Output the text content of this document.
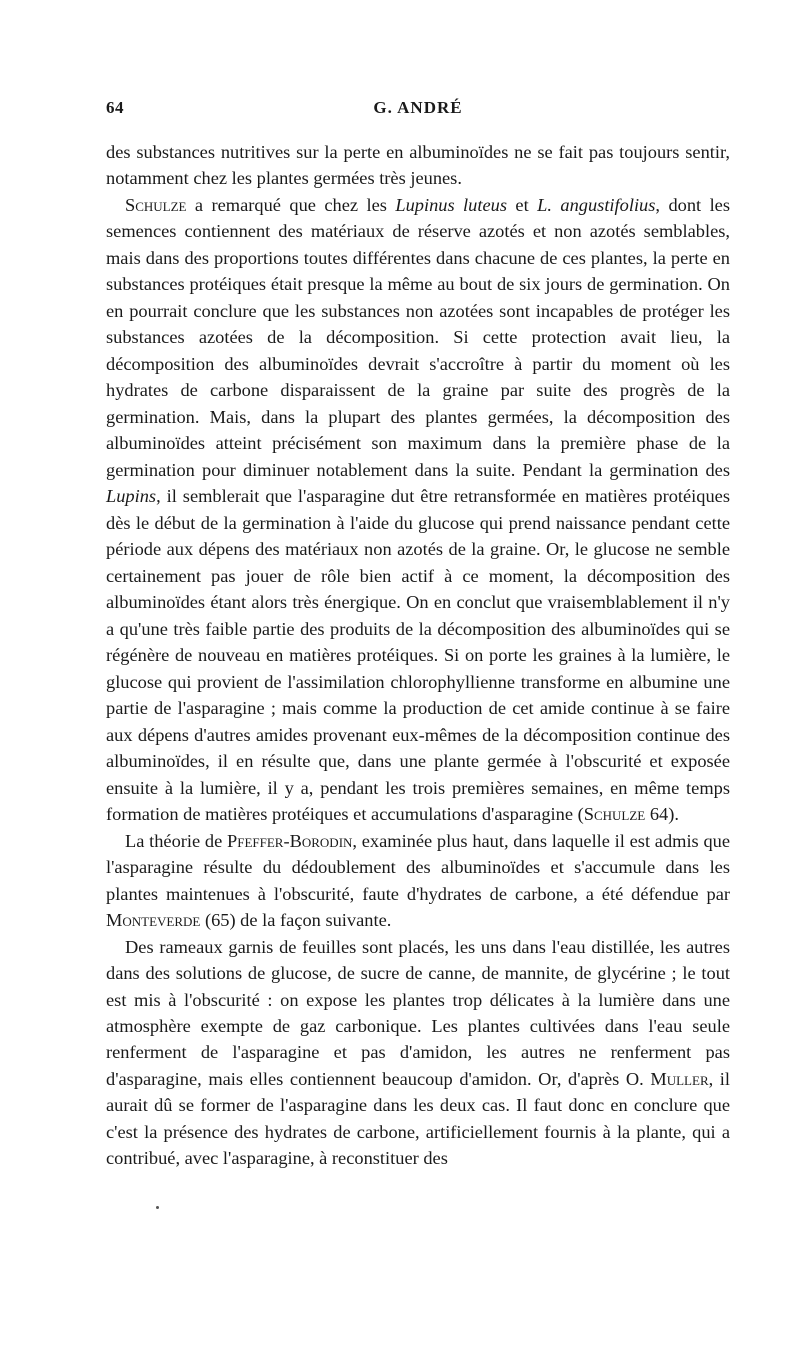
64	G. ANDRÉ

des substances nutritives sur la perte en albuminoïdes ne se fait pas toujours sentir, notamment chez les plantes germées très jeunes.

Schulze a remarqué que chez les Lupinus luteus et L. angustifolius, dont les semences contiennent des matériaux de réserve azotés et non azotés semblables, mais dans des proportions toutes différentes dans chacune de ces plantes, la perte en substances protéiques était presque la même au bout de six jours de germination. On en pourrait conclure que les substances non azotées sont incapables de protéger les substances azotées de la décomposition. Si cette protection avait lieu, la décomposition des albuminoïdes devrait s'accroître à partir du moment où les hydrates de carbone disparaissent de la graine par suite des progrès de la germination. Mais, dans la plupart des plantes germées, la décomposition des albuminoïdes atteint précisément son maximum dans la première phase de la germination pour diminuer notablement dans la suite. Pendant la germination des Lupins, il semblerait que l'asparagine dut être retransformée en matières protéiques dès le début de la germination à l'aide du glucose qui prend naissance pendant cette période aux dépens des matériaux non azotés de la graine. Or, le glucose ne semble certainement pas jouer de rôle bien actif à ce moment, la décomposition des albuminoïdes étant alors très énergique. On en conclut que vraisemblablement il n'y a qu'une très faible partie des produits de la décomposition des albuminoïdes qui se régénère de nouveau en matières protéiques. Si on porte les graines à la lumière, le glucose qui provient de l'assimilation chlorophyllienne transforme en albumine une partie de l'asparagine ; mais comme la production de cet amide continue à se faire aux dépens d'autres amides provenant eux-mêmes de la décomposition continue des albuminoïdes, il en résulte que, dans une plante germée à l'obscurité et exposée ensuite à la lumière, il y a, pendant les trois premières semaines, en même temps formation de matières protéiques et accumulations d'asparagine (Schulze 64).

La théorie de Pfeffer-Borodin, examinée plus haut, dans laquelle il est admis que l'asparagine résulte du dédoublement des albuminoïdes et s'accumule dans les plantes maintenues à l'obscurité, faute d'hydrates de carbone, a été défendue par Monteverde (65) de la façon suivante.

Des rameaux garnis de feuilles sont placés, les uns dans l'eau distillée, les autres dans des solutions de glucose, de sucre de canne, de mannite, de glycérine ; le tout est mis à l'obscurité : on expose les plantes trop délicates à la lumière dans une atmosphère exempte de gaz carbonique. Les plantes cultivées dans l'eau seule renferment de l'asparagine et pas d'amidon, les autres ne renferment pas d'asparagine, mais elles contiennent beaucoup d'amidon. Or, d'après O. Muller, il aurait dû se former de l'asparagine dans les deux cas. Il faut donc en conclure que c'est la présence des hydrates de carbone, artificiellement fournis à la plante, qui a contribué, avec l'asparagine, à reconstituer des
